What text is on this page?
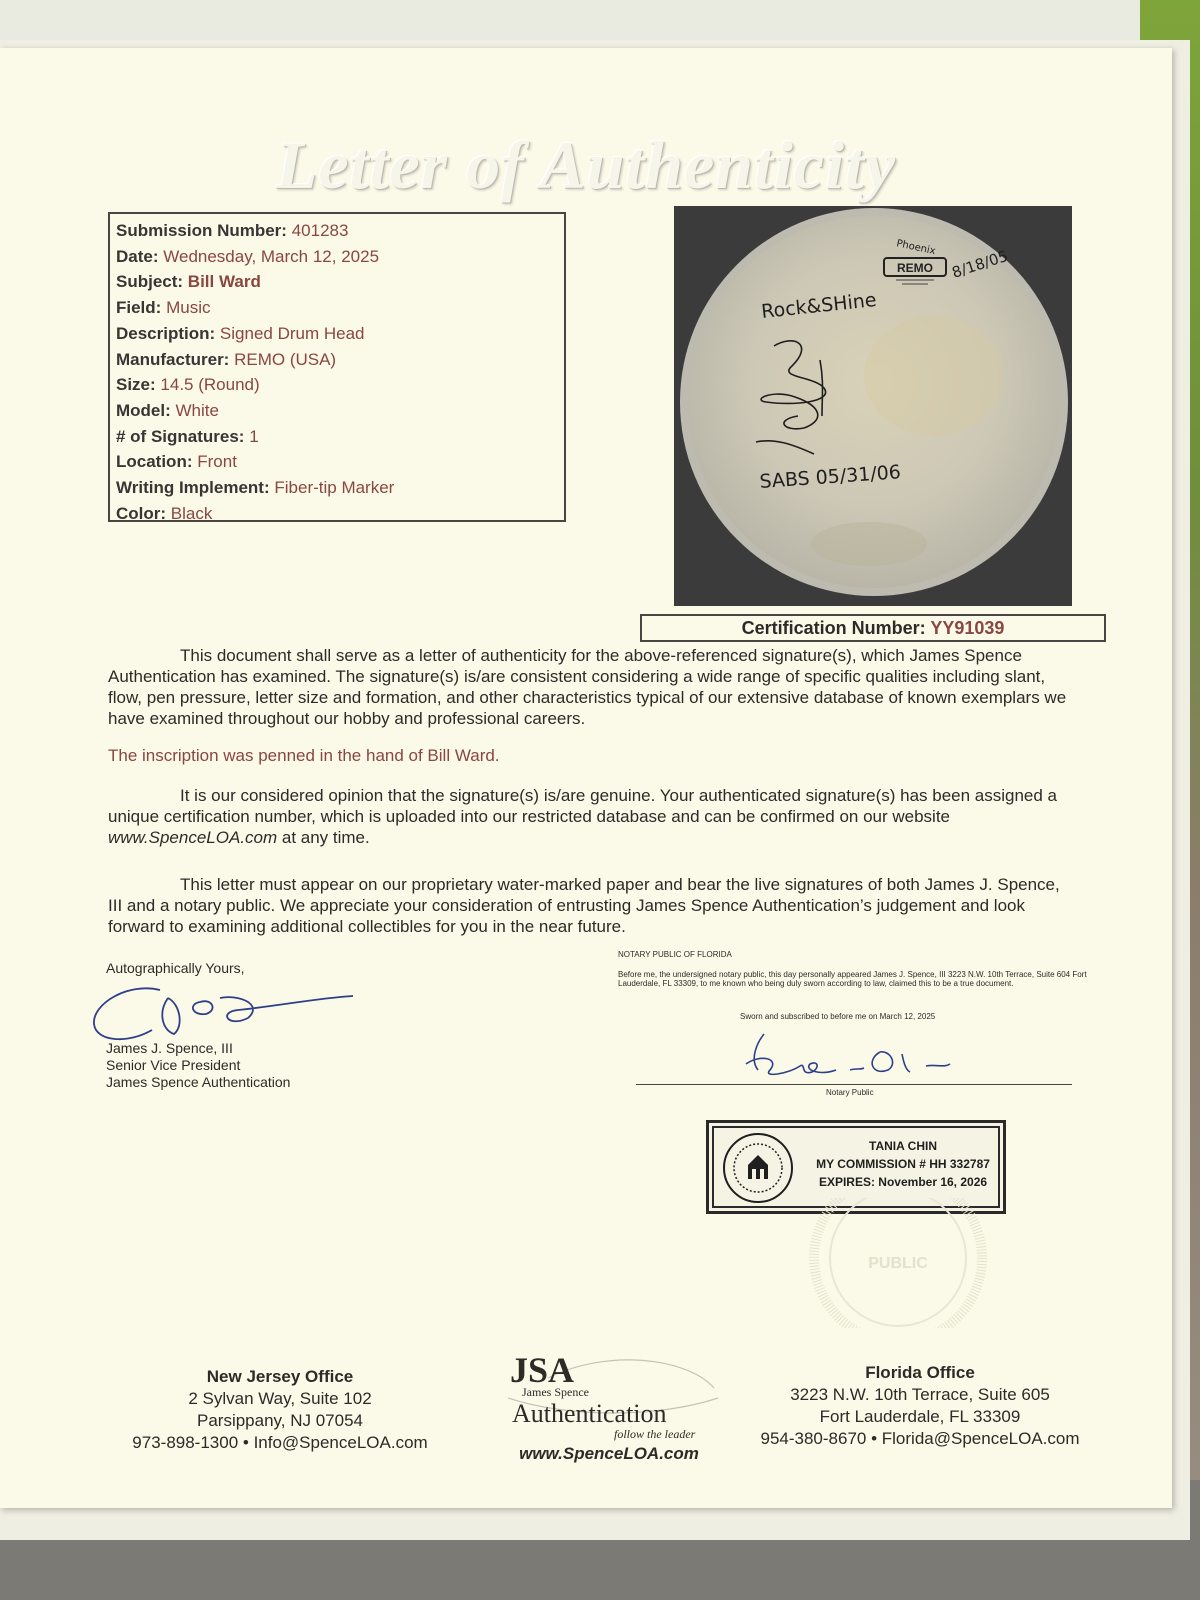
Letter of Authenticity
Submission Number: 401283
Date: Wednesday, March 12, 2025
Subject: Bill Ward
Field: Music
Description: Signed Drum Head
Manufacturer: REMO (USA)
Size: 14.5 (Round)
Model: White
# of Signatures: 1
Location: Front
Writing Implement: Fiber-tip Marker
Color: Black
REMO
Phoenix 8/18/05
Rock&SHine
SABS 05/31/06
Certification Number: YY91039
This document shall serve as a letter of authenticity for the above-referenced signature(s), which James Spence Authentication has examined. The signature(s) is/are consistent considering a wide range of specific qualities including slant, flow, pen pressure, letter size and formation, and other characteristics typical of our extensive database of known exemplars we have examined throughout our hobby and professional careers.
The inscription was penned in the hand of Bill Ward.
It is our considered opinion that the signature(s) is/are genuine. Your authenticated signature(s) has been assigned a unique certification number, which is uploaded into our restricted database and can be confirmed on our website www.SpenceLOA.com at any time.
This letter must appear on our proprietary water-marked paper and bear the live signatures of both James J. Spence, III and a notary public. We appreciate your consideration of entrusting James Spence Authentication’s judgement and look forward to examining additional collectibles for you in the near future.
Autographically Yours,
James J. Spence, III
Senior Vice President
James Spence Authentication
NOTARY PUBLIC OF FLORIDA
Before me, the undersigned notary public, this day personally appeared James J. Spence, III 3223 N.W. 10th Terrace, Suite 604 Fort Lauderdale, FL 33309, to me known who being duly sworn according to law, claimed this to be a true document.
Sworn and subscribed to before me on March 12, 2025
Notary Public
TANIA CHIN
MY COMMISSION # HH 332787
EXPIRES: November 16, 2026
PUBLIC
New Jersey Office
2 Sylvan Way, Suite 102
Parsippany, NJ 07054
973-898-1300 • Info@SpenceLOA.com
JSA
James Spence
Authentication
follow the leader
www.SpenceLOA.com
Florida Office
3223 N.W. 10th Terrace, Suite 605
Fort Lauderdale, FL 33309
954-380-8670 • Florida@SpenceLOA.com
